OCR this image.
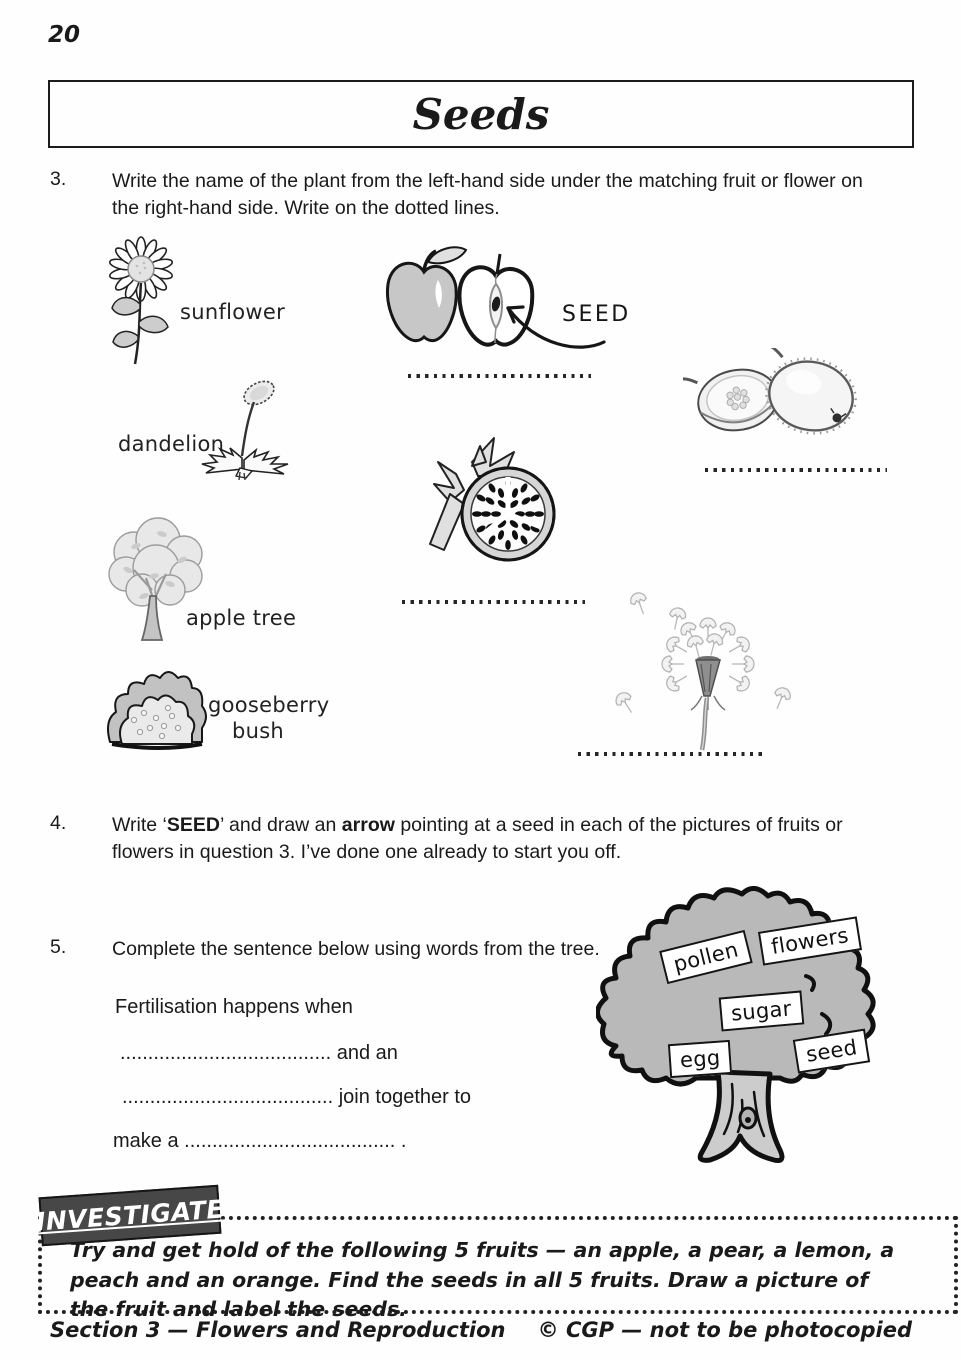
20
Seeds
3. Write the name of the plant from the left-hand side under the matching fruit or flower on the right-hand side. Write on the dotted lines.
sunflower
dandelion
apple tree
gooseberry
bush
SEED
4. Write ‘SEED’ and draw an arrow pointing at a seed in each of the pictures of fruits or flowers in question 3. I’ve done one already to start you off.
5. Complete the sentence below using words from the tree.
Fertilisation happens when
...................................... and an
...................................... join together to
make a ...................................... .
pollen	flowers
sugar
egg	seed
INVESTIGATE
Try and get hold of the following 5 fruits — an apple, a pear, a lemon, a peach and an orange. Find the seeds in all 5 fruits. Draw a picture of the fruit and label the seeds.
Section 3 — Flowers and Reproduction © CGP — not to be photocopied
